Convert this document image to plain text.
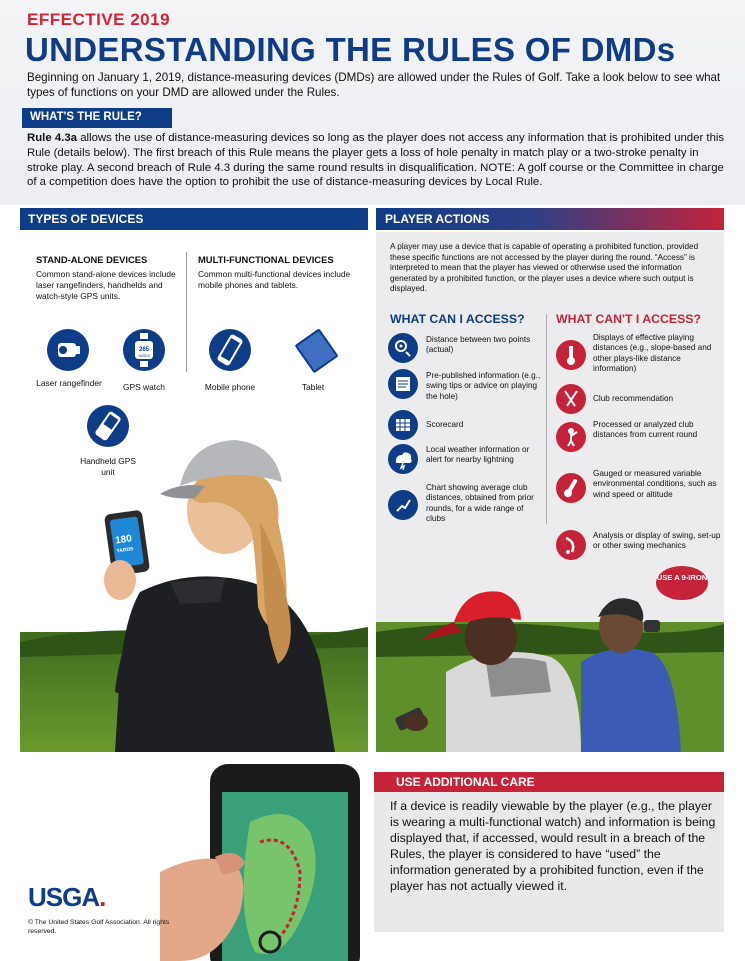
EFFECTIVE 2019
UNDERSTANDING THE RULES OF DMDs
Beginning on January 1, 2019, distance-measuring devices (DMDs) are allowed under the Rules of Golf. Take a look below to see what types of functions on your DMD are allowed under the Rules.
WHAT'S THE RULE?
Rule 4.3a allows the use of distance-measuring devices so long as the player does not access any information that is prohibited under this Rule (details below). The first breach of this Rule means the player gets a loss of hole penalty in match play or a two-stroke penalty in stroke play. A second breach of Rule 4.3 during the same round results in disqualification. NOTE: A golf course or the Committee in charge of a competition does have the option to prohibit the use of distance-measuring devices by Local Rule.
TYPES OF DEVICES	PLAYER ACTIONS
STAND-ALONE DEVICES
Common stand-alone devices include laser rangefinders, handhelds and watch-style GPS units.
MULTI-FUNCTIONAL DEVICES
Common multi-functional devices include mobile phones and tablets.
Laser rangefinder
265
YARDS
GPS watch
Handheld GPS unit
Mobile phone	Tablet
180
YARDS
A player may use a device that is capable of operating a prohibited function, provided these specific functions are not accessed by the player during the round. “Access” is interpreted to mean that the player has viewed or otherwise used the information generated by a prohibited function, or the player uses a device where such output is displayed.
WHAT CAN I ACCESS?	WHAT CAN'T I ACCESS?
Distance between two points (actual)
Pre-published information (e.g., swing tips or advice on playing the hole)
Scorecard
Local weather information or alert for nearby lightning
Chart showing average club distances, obtained from prior rounds, for a wide range of clubs
Displays of effective playing distances (e.g., slope-based and other plays-like distance information)
Club recommendation
Processed or analyzed club distances from current round
Gauged or measured variable environmental conditions, such as wind speed or altitude
Analysis or display of swing, set-up or other swing mechanics
USE A 9-IRON
USE ADDITIONAL CARE
If a device is readily viewable by the player (e.g., the player is wearing a multi-functional watch) and information is being displayed that, if accessed, would result in a breach of the Rules, the player is considered to have “used” the information generated by a prohibited function, even if the player has not actually viewed it.
USGA.
© The United States Golf Association. All rights reserved.
